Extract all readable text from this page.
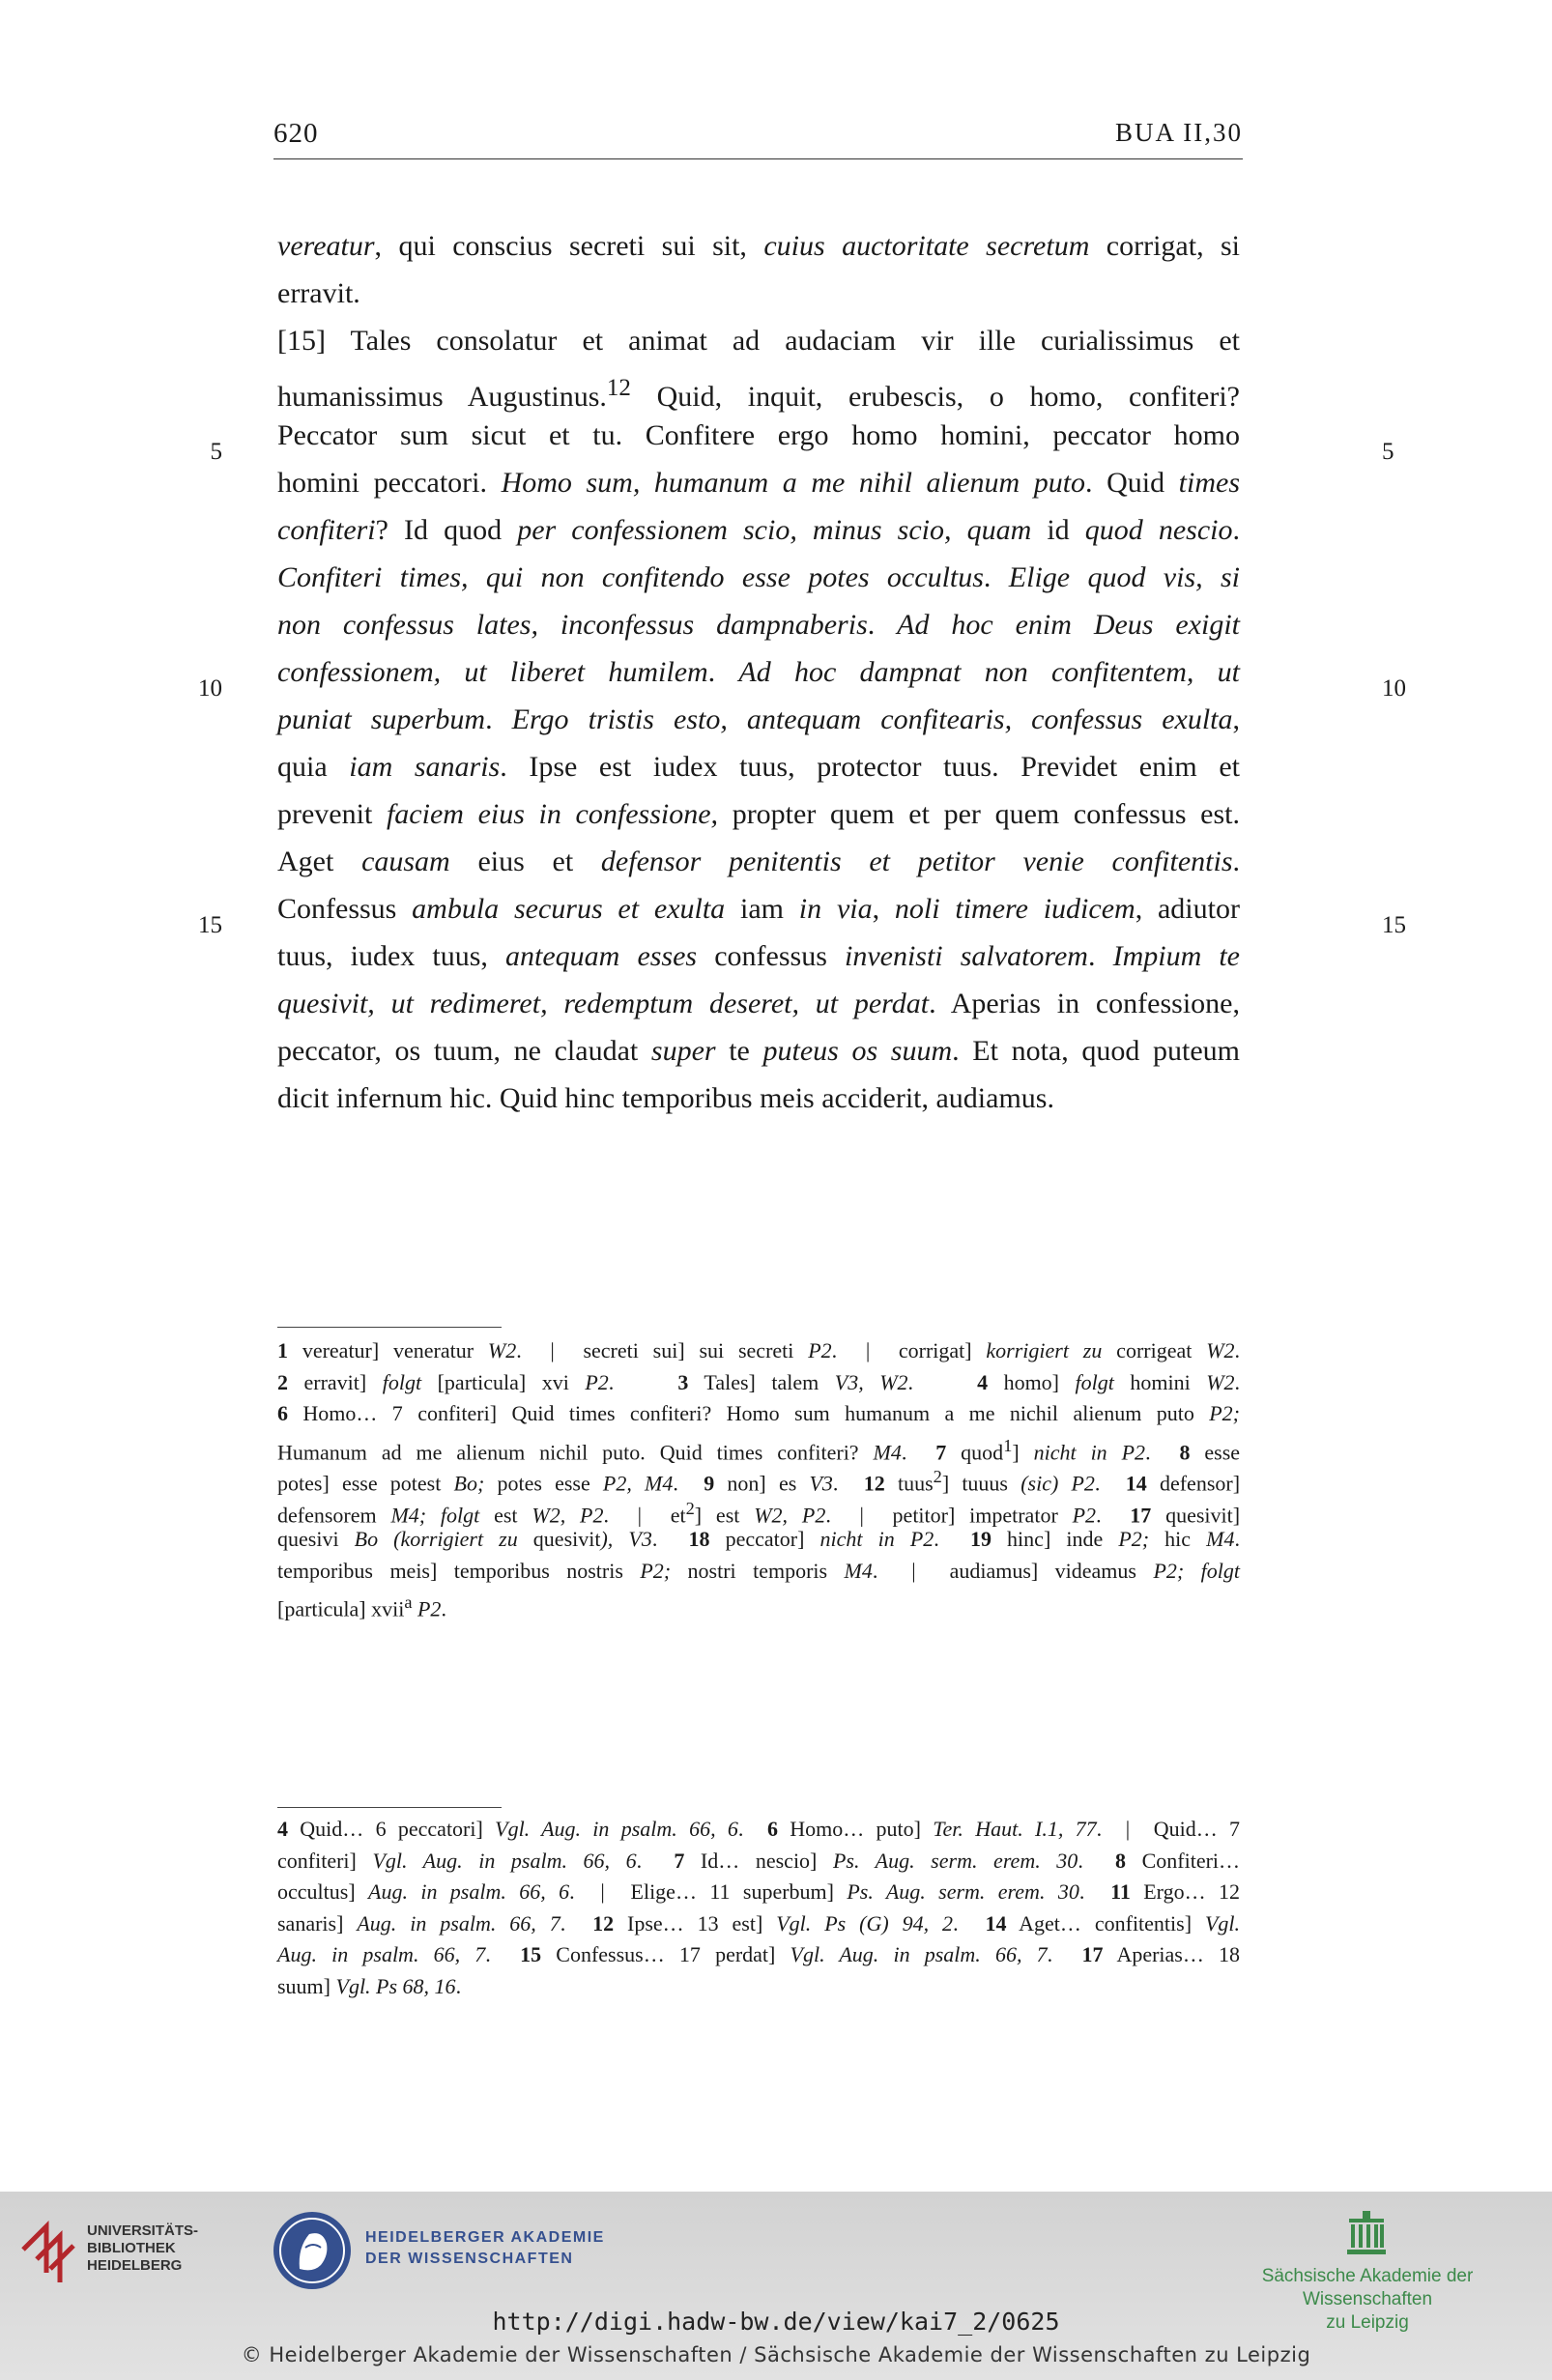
620	BUA II,30
vereatur, qui conscius secreti sui sit, cuius auctoritate secretum corrigat, si
erravit.
[15] Tales consolatur et animat ad audaciam vir ille curialissimus et
humanissimus Augustinus.$^{12}$ Quid, inquit, erubescis, o homo, confiteri?
Peccator sum sicut et tu. Confitere ergo homo homini, peccator homo
homini peccatori. Homo sum, humanum a me nihil alienum puto. Quid times
confiteri? Id quod per confessionem scio, minus scio, quam id quod nescio.
Confiteri times, qui non confitendo esse potes occultus. Elige quod vis, si
non confessus lates, inconfessus dampnaberis. Ad hoc enim Deus exigit
confessionem, ut liberet humilem. Ad hoc dampnat non confitentem, ut
puniat superbum. Ergo tristis esto, antequam confitearis, confessus exulta,
quia iam sanaris. Ipse est iudex tuus, protector tuus. Previdet enim et
prevenit faciem eius in confessione, propter quem et per quem confessus est.
Aget causam eius et defensor penitentis et petitor venie confitentis.
Confessus ambula securus et exulta iam in via, noli timere iudicem, adiutor
tuus, iudex tuus, antequam esses confessus invenisti salvatorem. Impium te
quesivit, ut redimeret, redemptum deseret, ut perdat. Aperias in confessione,
peccator, os tuum, ne claudat super te puteus os suum. Et nota, quod puteum
dicit infernum hic. Quid hinc temporibus meis acciderit, audiamus.
5	5
10	10
15	15
1 vereatur] veneratur W2.  |  secreti sui] sui secreti P2.  |  corrigat] korrigiert zu corrigeat W2.
2 erravit] folgt [particula] xvi P2.    3 Tales] talem V3, W2.    4 homo] folgt homini W2.
6 Homo… 7 confiteri] Quid times confiteri? Homo sum humanum a me nichil alienum puto P2;
Humanum ad me alienum nichil puto. Quid times confiteri? M4.  7 quod$^1$] nicht in P2.  8 esse
potes] esse potest Bo; potes esse P2, M4.  9 non] es V3.  12 tuus$^2$] tuuus (sic) P2.  14 defensor]
defensorem M4; folgt est W2, P2.  |  $et^2$] est W2, P2.  |  petitor] impetrator P2.  17 quesivit]
quesivi Bo (korrigiert zu quesivit), V3.  18 peccator] nicht in P2.  19 hinc] inde P2; hic M4.
temporibus meis] temporibus nostris P2; nostri temporis M4.  |  audiamus] videamus P2; folgt
[particula] xvii$^a$ P2.
4 Quid… 6 peccatori] Vgl. Aug. in psalm. 66, 6.  6 Homo… puto] Ter. Haut. I.1, 77.  |  Quid… 7
confiteri] Vgl. Aug. in psalm. 66, 6.  7 Id… nescio] Ps. Aug. serm. erem. 30.  8 Confiteri…
occultus] Aug. in psalm. 66, 6.  |  Elige… 11 superbum] Ps. Aug. serm. erem. 30.  11 Ergo… 12
sanaris] Aug. in psalm. 66, 7.  12 Ipse… 13 est] Vgl. Ps (G) 94, 2.  14 Aget… confitentis] Vgl.
Aug. in psalm. 66, 7.  15 Confessus… 17 perdat] Vgl. Aug. in psalm. 66, 7.  17 Aperias… 18
suum] Vgl. Ps 68, 16.
UNIVERSITÄTS-
BIBLIOTHEK
HEIDELBERG
HEIDELBERGER AKADEMIE
DER WISSENSCHAFTEN
Sächsische Akademie der Wissenschaften
zu Leipzig
http://digi.hadw-bw.de/view/kai7_2/0625
© Heidelberger Akademie der Wissenschaften / Sächsische Akademie der Wissenschaften zu Leipzig
